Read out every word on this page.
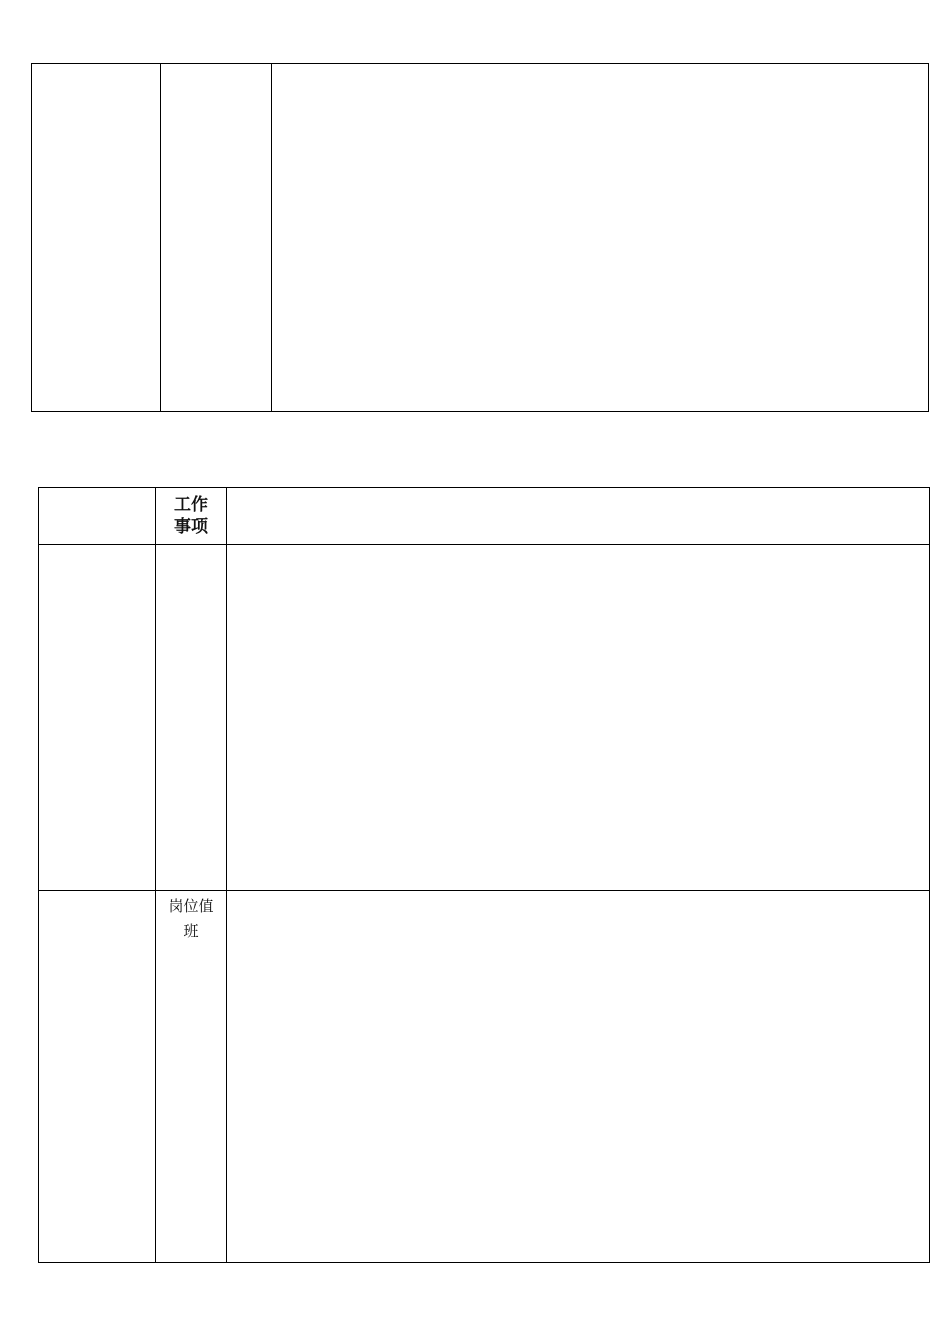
	工作
事项	

	岗位值
班	
